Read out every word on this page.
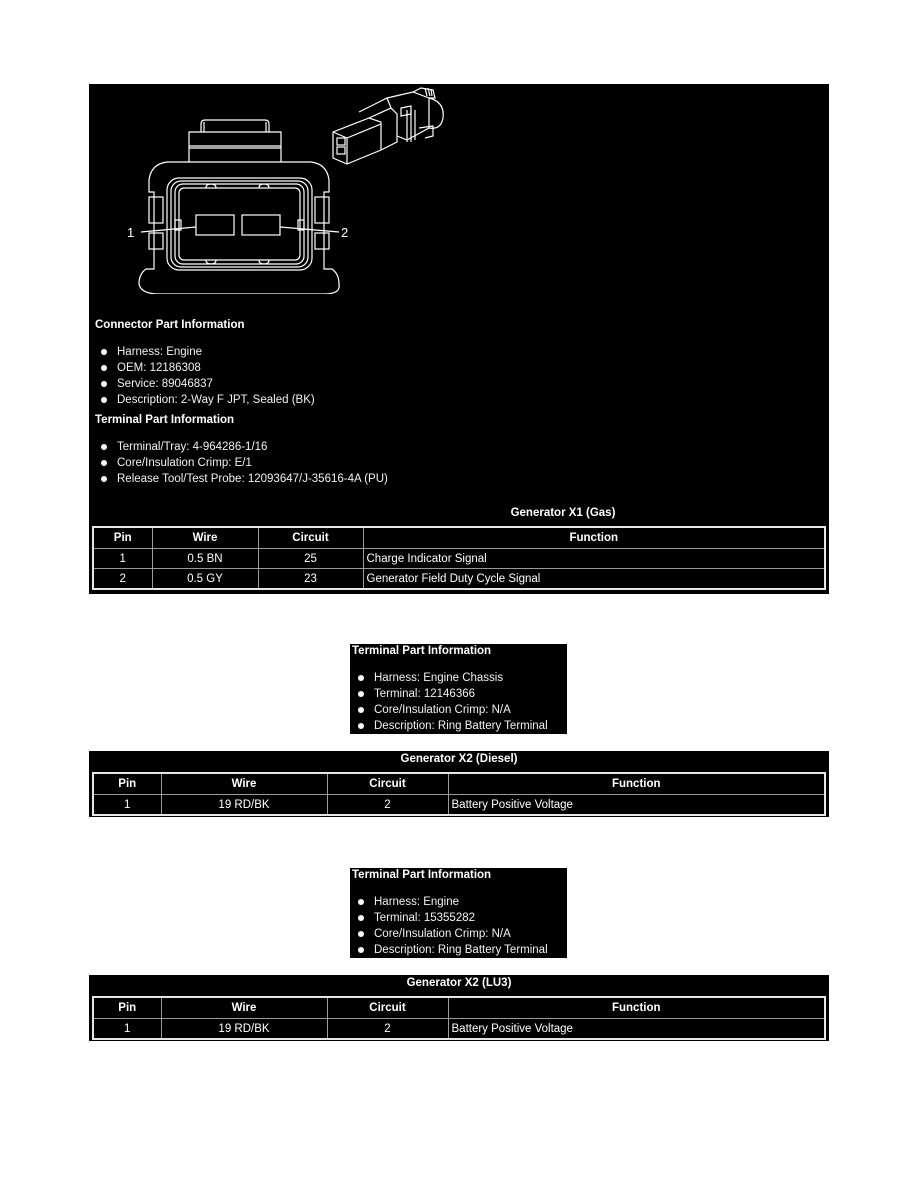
1	2
Connector Part Information
Harness: Engine
OEM: 12186308
Service: 89046837
Description: 2-Way F JPT, Sealed (BK)
Terminal Part Information
Terminal/Tray: 4-964286-1/16
Core/Insulation Crimp: E/1
Release Tool/Test Probe: 12093647/J-35616-4A (PU)
Generator X1 (Gas)
Pin	Wire	Circuit	Function
1	0.5 BN	25	Charge Indicator Signal
2	0.5 GY	23	Generator Field Duty Cycle Signal
Terminal Part Information
Harness: Engine Chassis
Terminal: 12146366
Core/Insulation Crimp: N/A
Description: Ring Battery Terminal
Generator X2 (Diesel)
Pin	Wire	Circuit	Function
1	19 RD/BK	2	Battery Positive Voltage
Terminal Part Information
Harness: Engine
Terminal: 15355282
Core/Insulation Crimp: N/A
Description: Ring Battery Terminal
Generator X2 (LU3)
Pin	Wire	Circuit	Function
1	19 RD/BK	2	Battery Positive Voltage
